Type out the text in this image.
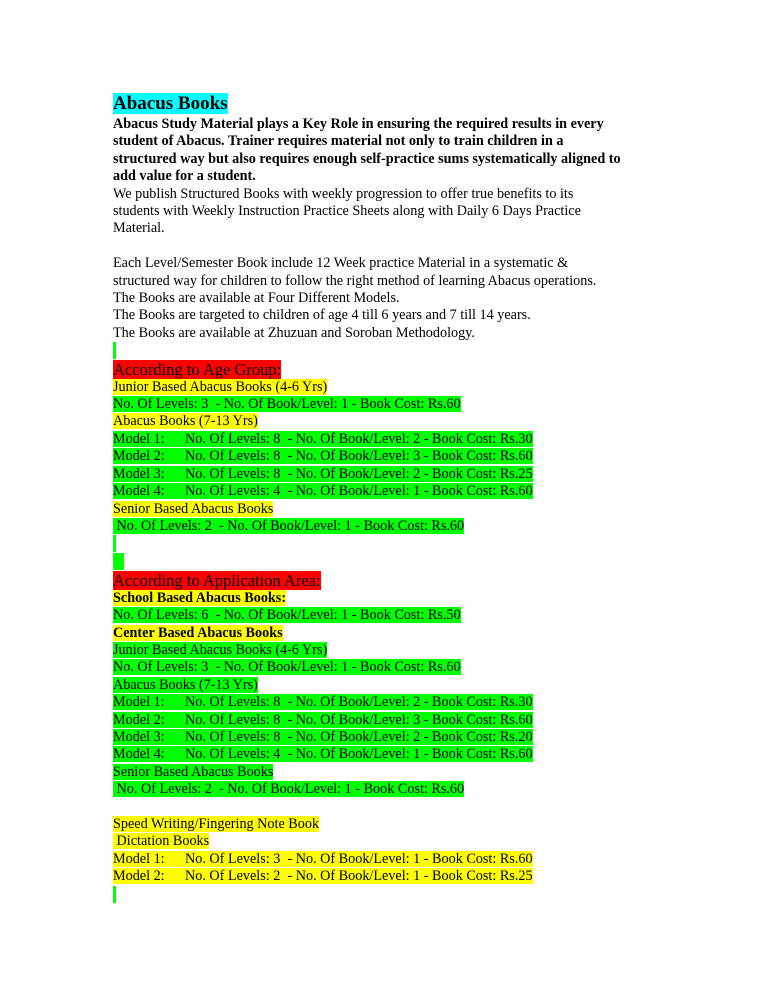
Abacus Books
Abacus Study Material plays a Key Role in ensuring the required results in every
student of Abacus. Trainer requires material not only to train children in a
structured way but also requires enough self-practice sums systematically aligned to
add value for a student.
We publish Structured Books with weekly progression to offer true benefits to its
students with Weekly Instruction Practice Sheets along with Daily 6 Days Practice
Material.
Each Level/Semester Book include 12 Week practice Material in a systematic &
structured way for children to follow the right method of learning Abacus operations.
The Books are available at Four Different Models.
The Books are targeted to children of age 4 till 6 years and 7 till 14 years.
The Books are available at Zhuzuan and Soroban Methodology.
According to Age Group:
Junior Based Abacus Books (4-6 Yrs)
No. Of Levels: 3  - No. Of Book/Level: 1 - Book Cost: Rs.60
Abacus Books (7-13 Yrs)
Model 1: No. Of Levels: 8  - No. Of Book/Level: 2 - Book Cost: Rs.30
Model 2: No. Of Levels: 8  - No. Of Book/Level: 3 - Book Cost: Rs.60
Model 3: No. Of Levels: 8  - No. Of Book/Level: 2 - Book Cost: Rs.25
Model 4: No. Of Levels: 4  - No. Of Book/Level: 1 - Book Cost: Rs.60
Senior Based Abacus Books
No. Of Levels: 2  - No. Of Book/Level: 1 - Book Cost: Rs.60
According to Application Area:
School Based Abacus Books:
No. Of Levels: 6  - No. Of Book/Level: 1 - Book Cost: Rs.50
Center Based Abacus Books
Junior Based Abacus Books (4-6 Yrs)
No. Of Levels: 3  - No. Of Book/Level: 1 - Book Cost: Rs.60
Abacus Books (7-13 Yrs)
Model 1: No. Of Levels: 8  - No. Of Book/Level: 2 - Book Cost: Rs.30
Model 2: No. Of Levels: 8  - No. Of Book/Level: 3 - Book Cost: Rs.60
Model 3: No. Of Levels: 8  - No. Of Book/Level: 2 - Book Cost: Rs.20
Model 4: No. Of Levels: 4  - No. Of Book/Level: 1 - Book Cost: Rs.60
Senior Based Abacus Books
No. Of Levels: 2  - No. Of Book/Level: 1 - Book Cost: Rs.60
Speed Writing/Fingering Note Book
Dictation Books
Model 1: No. Of Levels: 3  - No. Of Book/Level: 1 - Book Cost: Rs.60
Model 2: No. Of Levels: 2  - No. Of Book/Level: 1 - Book Cost: Rs.25
